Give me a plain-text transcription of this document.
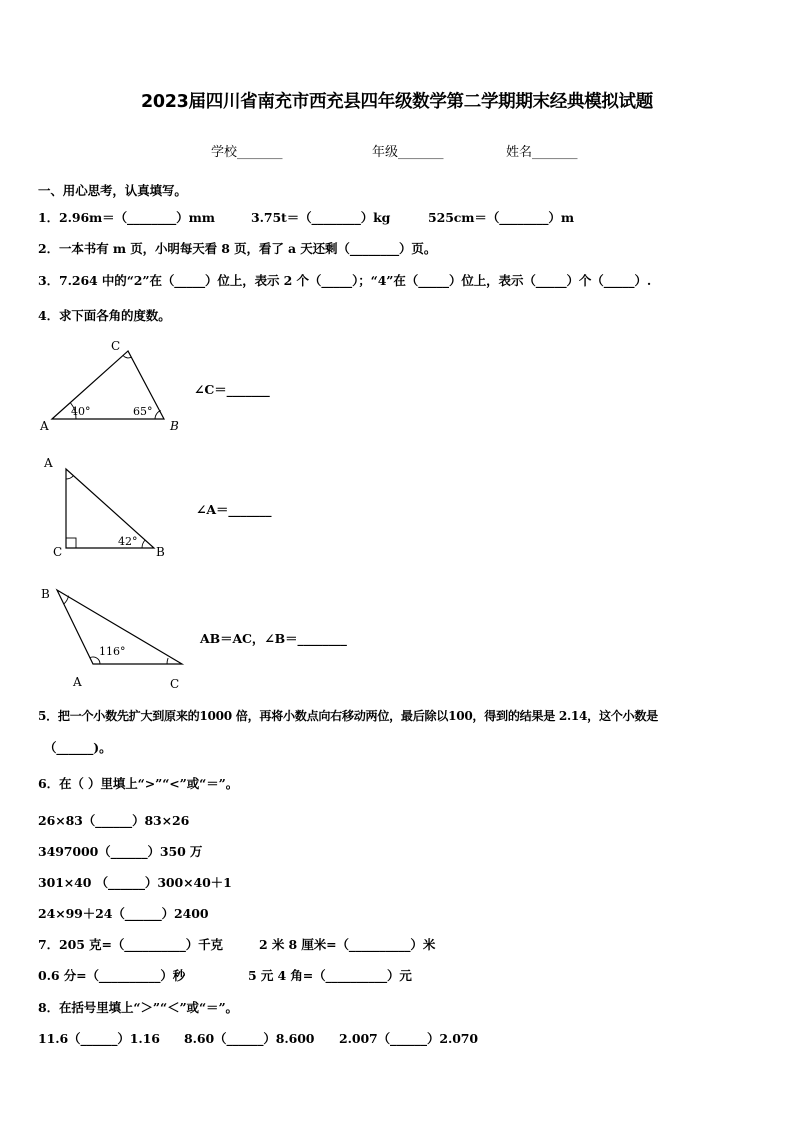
2023届四川省南充市西充县四年级数学第二学期期末经典模拟试题
学校_______	年级_______	姓名_______
一、用心思考，认真填写。
1．2.96m＝（________）mm	3.75t＝（________）kg	525cm＝（________）m
2．一本书有 m 页，小明每天看 8 页，看了 a 天还剩（________）页。
3．7.264 中的“2”在（_____）位上，表示 2 个（_____）；“4”在（_____）位上，表示（_____）个（_____）.
4．求下面各角的度数。
A	B
C
40°	65°
∠C＝_______
A
C	B
42°
∠A＝_______
B
A	C
116°
AB＝AC，∠B＝________
5．把一个小数先扩大到原来的1000 倍，再将小数点向右移动两位，最后除以100，得到的结果是 2.14，这个小数是
（______)。
6．在（ ）里填上“>”“<”或“＝”。
26×83（______）83×26
3497000（______）350 万
301×40 （______）300×40＋1
24×99＋24（______）2400
7．205 克=（__________）千克	2 米 8 厘米=（__________）米
0.6 分=（__________）秒	5 元 4 角=（__________）元
8．在括号里填上“＞”“＜”或“＝”。
11.6（______）1.16 8.60（______）8.600 2.007（______）2.070
